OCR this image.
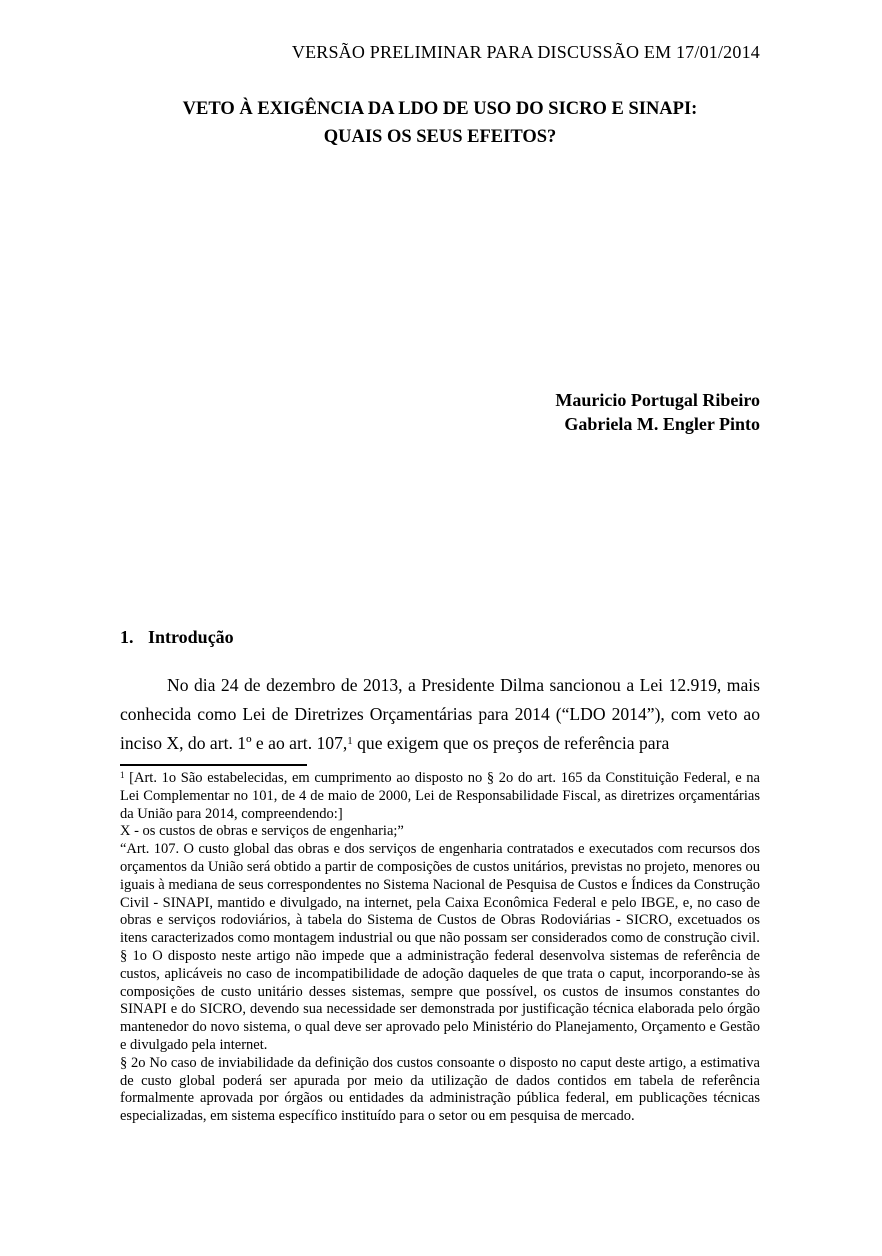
VERSÃO PRELIMINAR PARA DISCUSSÃO EM 17/01/2014
VETO À EXIGÊNCIA DA LDO DE USO DO SICRO E SINAPI:
QUAIS OS SEUS EFEITOS?
Mauricio Portugal Ribeiro
Gabriela M. Engler Pinto
1. Introdução

No dia 24 de dezembro de 2013, a Presidente Dilma sancionou a Lei 12.919, mais conhecida como Lei de Diretrizes Orçamentárias para 2014 (“LDO 2014”), com veto ao inciso X, do art. 1º e ao art. 107,$^1$ que exigem que os preços de referência para

$^1$ [Art. 1o São estabelecidas, em cumprimento ao disposto no § 2o do art. 165 da Constituição Federal, e na Lei Complementar no 101, de 4 de maio de 2000, Lei de Responsabilidade Fiscal, as diretrizes orçamentárias da União para 2014, compreendendo:]
X - os custos de obras e serviços de engenharia;”
“Art. 107. O custo global das obras e dos serviços de engenharia contratados e executados com recursos dos orçamentos da União será obtido a partir de composições de custos unitários, previstas no projeto, menores ou iguais à mediana de seus correspondentes no Sistema Nacional de Pesquisa de Custos e Índices da Construção Civil - SINAPI, mantido e divulgado, na internet, pela Caixa Econômica Federal e pelo IBGE, e, no caso de obras e serviços rodoviários, à tabela do Sistema de Custos de Obras Rodoviárias - SICRO, excetuados os itens caracterizados como montagem industrial ou que não possam ser considerados como de construção civil.
§ 1o O disposto neste artigo não impede que a administração federal desenvolva sistemas de referência de custos, aplicáveis no caso de incompatibilidade de adoção daqueles de que trata o caput, incorporando-se às composições de custo unitário desses sistemas, sempre que possível, os custos de insumos constantes do SINAPI e do SICRO, devendo sua necessidade ser demonstrada por justificação técnica elaborada pelo órgão mantenedor do novo sistema, o qual deve ser aprovado pelo Ministério do Planejamento, Orçamento e Gestão e divulgado pela internet.
§ 2o No caso de inviabilidade da definição dos custos consoante o disposto no caput deste artigo, a estimativa de custo global poderá ser apurada por meio da utilização de dados contidos em tabela de referência formalmente aprovada por órgãos ou entidades da administração pública federal, em publicações técnicas especializadas, em sistema específico instituído para o setor ou em pesquisa de mercado.
